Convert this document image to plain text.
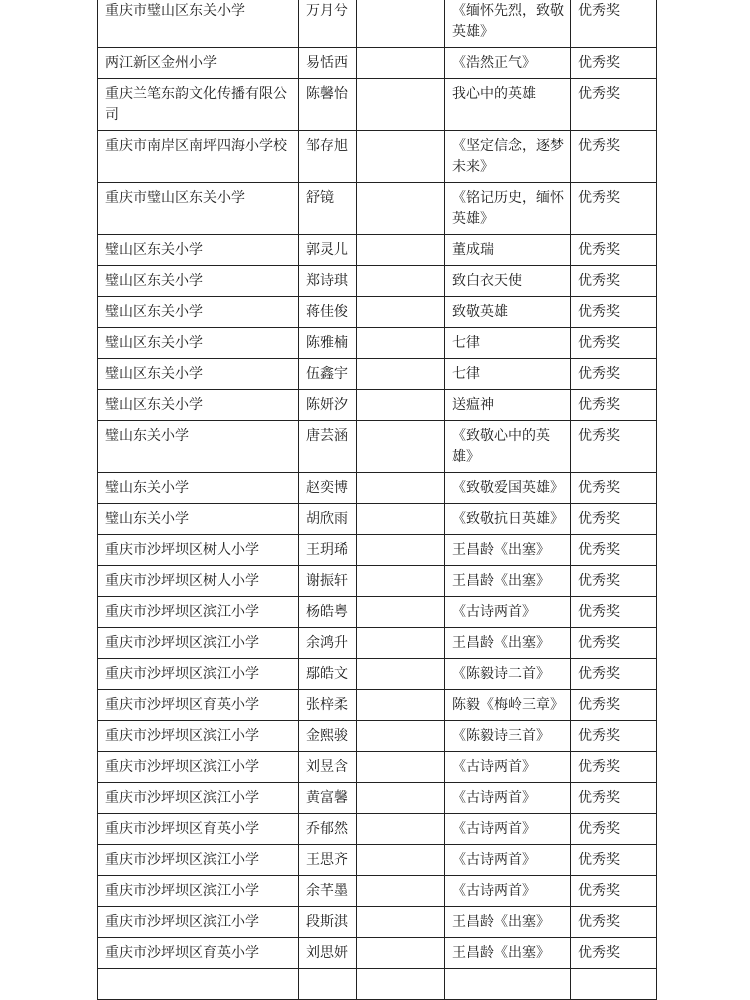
重庆市璧山区东关小学	万月兮		《缅怀先烈，致敬英雄》	优秀奖
两江新区金州小学	易恬西		《浩然正气》	优秀奖
重庆兰笔东韵文化传播有限公司	陈馨怡		我心中的英雄	优秀奖
重庆市南岸区南坪四海小学校	邹存旭		《坚定信念，逐梦未来》	优秀奖
重庆市璧山区东关小学	舒镜		《铭记历史，缅怀英雄》	优秀奖
璧山区东关小学	郭灵儿		董成瑞	优秀奖
璧山区东关小学	郑诗琪		致白衣天使	优秀奖
璧山区东关小学	蒋佳俊		致敬英雄	优秀奖
璧山区东关小学	陈雅楠		七律	优秀奖
璧山区东关小学	伍鑫宇		七律	优秀奖
璧山区东关小学	陈妍汐		送瘟神	优秀奖
璧山东关小学	唐芸涵		《致敬心中的英雄》	优秀奖
璧山东关小学	赵奕博		《致敬爱国英雄》	优秀奖
璧山东关小学	胡欣雨		《致敬抗日英雄》	优秀奖
重庆市沙坪坝区树人小学	王玥琋		王昌龄《出塞》	优秀奖
重庆市沙坪坝区树人小学	谢振轩		王昌龄《出塞》	优秀奖
重庆市沙坪坝区滨江小学	杨皓粤		《古诗两首》	优秀奖
重庆市沙坪坝区滨江小学	余鸿升		王昌龄《出塞》	优秀奖
重庆市沙坪坝区滨江小学	鄢皓文		《陈毅诗二首》	优秀奖
重庆市沙坪坝区育英小学	张梓柔		陈毅《梅岭三章》	优秀奖
重庆市沙坪坝区滨江小学	金熙骏		《陈毅诗三首》	优秀奖
重庆市沙坪坝区滨江小学	刘昱含		《古诗两首》	优秀奖
重庆市沙坪坝区滨江小学	黄富馨		《古诗两首》	优秀奖
重庆市沙坪坝区育英小学	乔郁然		《古诗两首》	优秀奖
重庆市沙坪坝区滨江小学	王思齐		《古诗两首》	优秀奖
重庆市沙坪坝区滨江小学	余芊墨		《古诗两首》	优秀奖
重庆市沙坪坝区滨江小学	段斯淇		王昌龄《出塞》	优秀奖
重庆市沙坪坝区育英小学	刘思妍		王昌龄《出塞》	优秀奖
